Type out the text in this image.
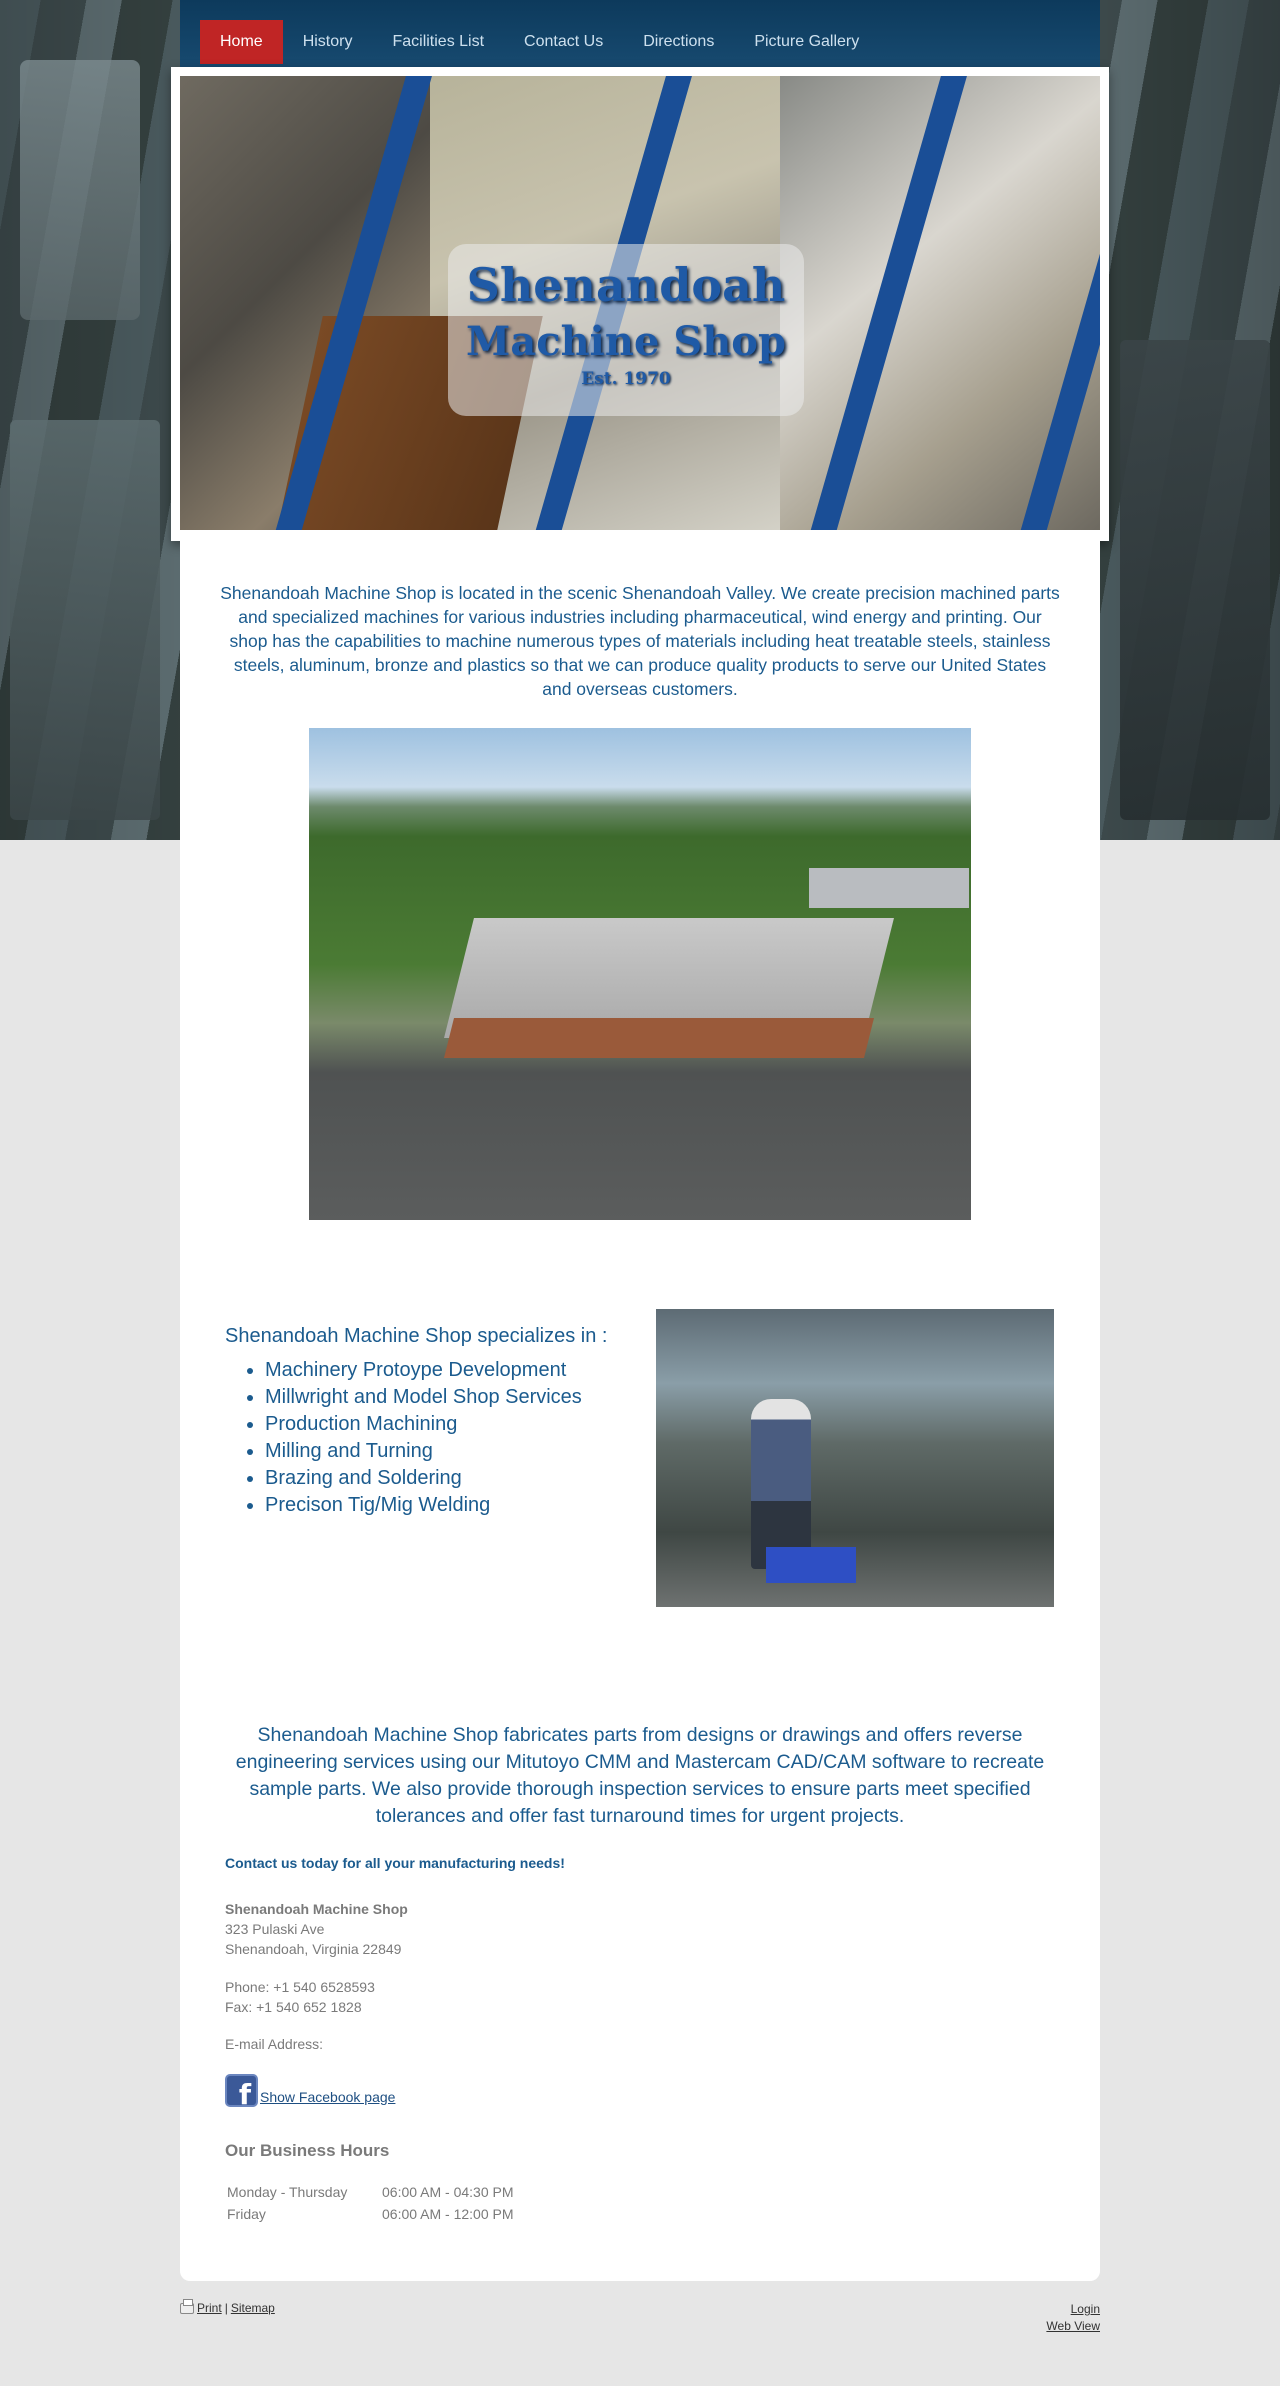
Home	History	Facilities List	Contact Us	Directions	Picture Gallery
Shenandoah
Machine Shop
Est. 1970

Shenandoah Machine Shop is located in the scenic Shenandoah Valley. We create precision machined parts and specialized machines for various industries including pharmaceutical, wind energy and printing. Our shop has the capabilities to machine numerous types of materials including heat treatable steels, stainless steels, aluminum, bronze and plastics so that we can produce quality products to serve our United States and overseas customers.

Shenandoah Machine Shop specializes in :
• Machinery Protoype Development
• Millwright and Model Shop Services
• Production Machining
• Milling and Turning
• Brazing and Soldering
• Precison Tig/Mig Welding

Shenandoah Machine Shop fabricates parts from designs or drawings and offers reverse engineering services using our Mitutoyo CMM and Mastercam CAD/CAM software to recreate sample parts. We also provide thorough inspection services to ensure parts meet specified tolerances and offer fast turnaround times for urgent projects.

Contact us today for all your manufacturing needs!
Shenandoah Machine Shop
323 Pulaski Ave
Shenandoah, Virginia 22849
Phone: +1 540 6528593
Fax: +1 540 652 1828
E-mail Address:
f Show Facebook page
Our Business Hours
Monday - Thursday	06:00 AM - 04:30 PM
Friday	06:00 AM - 12:00 PM
Print | Sitemap	Login
Web View
